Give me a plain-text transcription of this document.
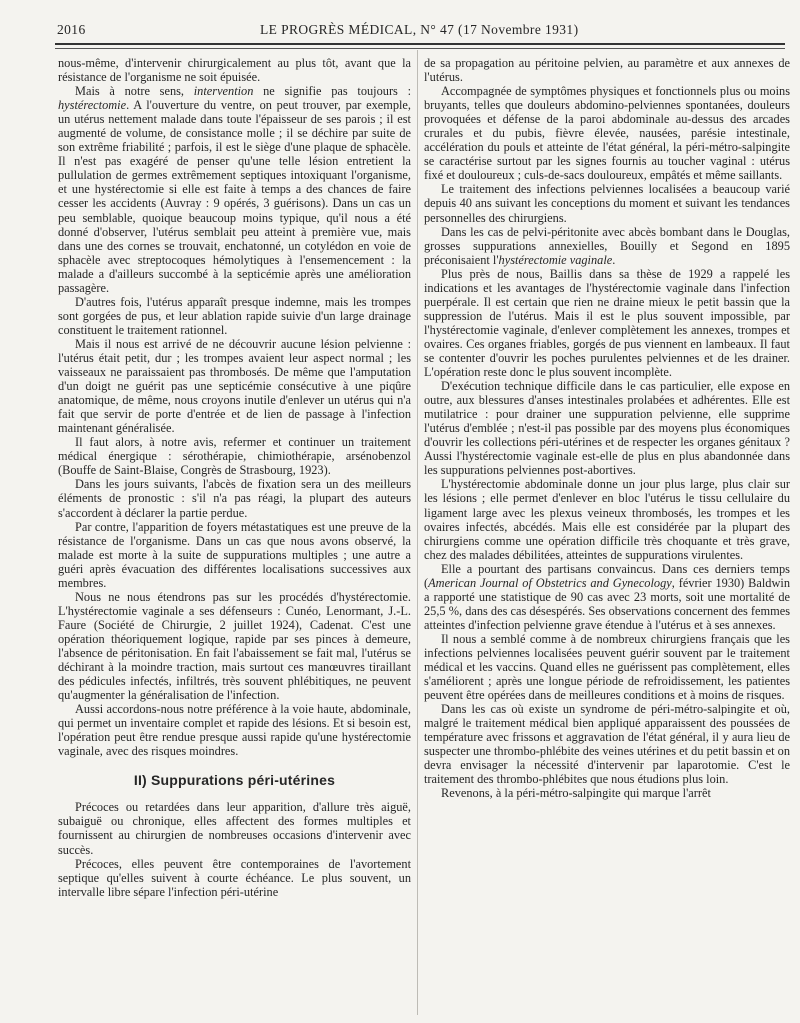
2016	LE PROGRÈS MÉDICAL, N° 47 (17 Novembre 1931)

nous-même, d'intervenir chirurgicalement au plus tôt, avant que la résistance de l'organisme ne soit épuisée.

Mais à notre sens, intervention ne signifie pas toujours : hystérectomie. A l'ouverture du ventre, on peut trouver, par exemple, un utérus nettement malade dans toute l'épaisseur de ses parois ; il est augmenté de volume, de consistance molle ; il se déchire par suite de son extrême friabilité ; parfois, il est le siège d'une plaque de sphacèle. Il n'est pas exagéré de penser qu'une telle lésion entretient la pullulation de germes extrêmement septiques intoxiquant l'organisme, et une hystérectomie si elle est faite à temps a des chances de faire cesser les accidents (Auvray : 9 opérés, 3 guérisons). Dans un cas un peu semblable, quoique beaucoup moins typique, qu'il nous a été donné d'observer, l'utérus semblait peu atteint à première vue, mais dans une des cornes se trouvait, enchatonné, un cotylédon en voie de sphacèle avec streptocoques hémolytiques à l'ensemencement : la malade a d'ailleurs succombé à la septicémie après une amélioration passagère.

D'autres fois, l'utérus apparaît presque indemne, mais les trompes sont gorgées de pus, et leur ablation rapide suivie d'un large drainage constituent le traitement rationnel.

Mais il nous est arrivé de ne découvrir aucune lésion pelvienne : l'utérus était petit, dur ; les trompes avaient leur aspect normal ; les vaisseaux ne paraissaient pas thrombosés. De même que l'amputation d'un doigt ne guérit pas une septicémie consécutive à une piqûre anatomique, de même, nous croyons inutile d'enlever un utérus qui n'a fait que servir de porte d'entrée et de lien de passage à l'infection maintenant généralisée.

Il faut alors, à notre avis, refermer et continuer un traitement médical énergique : sérothérapie, chimiothérapie, arsénobenzol (Bouffe de Saint-Blaise, Congrès de Strasbourg, 1923).

Dans les jours suivants, l'abcès de fixation sera un des meilleurs éléments de pronostic : s'il n'a pas réagi, la plupart des auteurs s'accordent à déclarer la partie perdue.

Par contre, l'apparition de foyers métastatiques est une preuve de la résistance de l'organisme. Dans un cas que nous avons observé, la malade est morte à la suite de suppurations multiples ; une autre a guéri après évacuation des différentes localisations successives aux membres.

Nous ne nous étendrons pas sur les procédés d'hystérectomie. L'hystérectomie vaginale a ses défenseurs : Cunéo, Lenormant, J.-L. Faure (Société de Chirurgie, 2 juillet 1924), Cadenat. C'est une opération théoriquement logique, rapide par ses pinces à demeure, l'absence de péritonisation. En fait l'abaissement se fait mal, l'utérus se déchirant à la moindre traction, mais surtout ces manœuvres tiraillant des pédicules infectés, infiltrés, très souvent phlébitiques, ne peuvent qu'augmenter la généralisation de l'infection.

Aussi accordons-nous notre préférence à la voie haute, abdominale, qui permet un inventaire complet et rapide des lésions. Et si besoin est, l'opération peut être rendue presque aussi rapide qu'une hystérectomie vaginale, avec des risques moindres.

II) Suppurations péri-utérines

Précoces ou retardées dans leur apparition, d'allure très aiguë, subaiguë ou chronique, elles affectent des formes multiples et fournissent au chirurgien de nombreuses occasions d'intervenir avec succès.

Précoces, elles peuvent être contemporaines de l'avortement septique qu'elles suivent à courte échéance. Le plus souvent, un intervalle libre sépare l'infection péri-utérine

de sa propagation au péritoine pelvien, au paramètre et aux annexes de l'utérus.

Accompagnée de symptômes physiques et fonctionnels plus ou moins bruyants, telles que douleurs abdomino-pelviennes spontanées, douleurs provoquées et défense de la paroi abdominale au-dessus des arcades crurales et du pubis, fièvre élevée, nausées, parésie intestinale, accélération du pouls et atteinte de l'état général, la péri-métro-salpingite se caractérise surtout par les signes fournis au toucher vaginal : utérus fixé et douloureux ; culs-de-sacs douloureux, empâtés et même saillants.

Le traitement des infections pelviennes localisées a beaucoup varié depuis 40 ans suivant les conceptions du moment et suivant les tendances personnelles des chirurgiens.

Dans les cas de pelvi-péritonite avec abcès bombant dans le Douglas, grosses suppurations annexielles, Bouilly et Segond en 1895 préconisaient l'hystérectomie vaginale.

Plus près de nous, Baillis dans sa thèse de 1929 a rappelé les indications et les avantages de l'hystérectomie vaginale dans l'infection puerpérale. Il est certain que rien ne draine mieux le petit bassin que la suppression de l'utérus. Mais il est le plus souvent impossible, par l'hystérectomie vaginale, d'enlever complètement les annexes, trompes et ovaires. Ces organes friables, gorgés de pus viennent en lambeaux. Il faut se contenter d'ouvrir les poches purulentes pelviennes et de les drainer. L'opération reste donc le plus souvent incomplète.

D'exécution technique difficile dans le cas particulier, elle expose en outre, aux blessures d'anses intestinales prolabées et adhérentes. Elle est mutilatrice : pour drainer une suppuration pelvienne, elle supprime l'utérus d'emblée ; n'est-il pas possible par des moyens plus économiques d'ouvrir les collections péri-utérines et de respecter les organes génitaux ? Aussi l'hystérectomie vaginale est-elle de plus en plus abandonnée dans les suppurations pelviennes post-abortives.

L'hystérectomie abdominale donne un jour plus large, plus clair sur les lésions ; elle permet d'enlever en bloc l'utérus le tissu cellulaire du ligament large avec les plexus veineux thrombosés, les trompes et les ovaires infectés, abcédés. Mais elle est considérée par la plupart des chirurgiens comme une opération difficile très choquante et très grave, chez des malades débilitées, atteintes de suppurations virulentes.

Elle a pourtant des partisans convaincus. Dans ces derniers temps (American Journal of Obstetrics and Gynecology, février 1930) Baldwin a rapporté une statistique de 90 cas avec 23 morts, soit une mortalité de 25,5 %, dans des cas désespérés. Ses observations concernent des femmes atteintes d'infection pelvienne grave étendue à l'utérus et à ses annexes.

Il nous a semblé comme à de nombreux chirurgiens français que les infections pelviennes localisées peuvent guérir souvent par le traitement médical et les vaccins. Quand elles ne guérissent pas complètement, elles s'améliorent ; après une longue période de refroidissement, les patientes peuvent être opérées dans de meilleures conditions et à moins de risques.

Dans les cas où existe un syndrome de péri-métro-salpingite et où, malgré le traitement médical bien appliqué apparaissent des poussées de température avec frissons et aggravation de l'état général, il y aura lieu de suspecter une thrombo-phlébite des veines utérines et du petit bassin et on devra envisager la nécessité d'intervenir par laparotomie. C'est le traitement des thrombo-phlébites que nous étudions plus loin.

Revenons, à la péri-métro-salpingite qui marque l'arrêt
